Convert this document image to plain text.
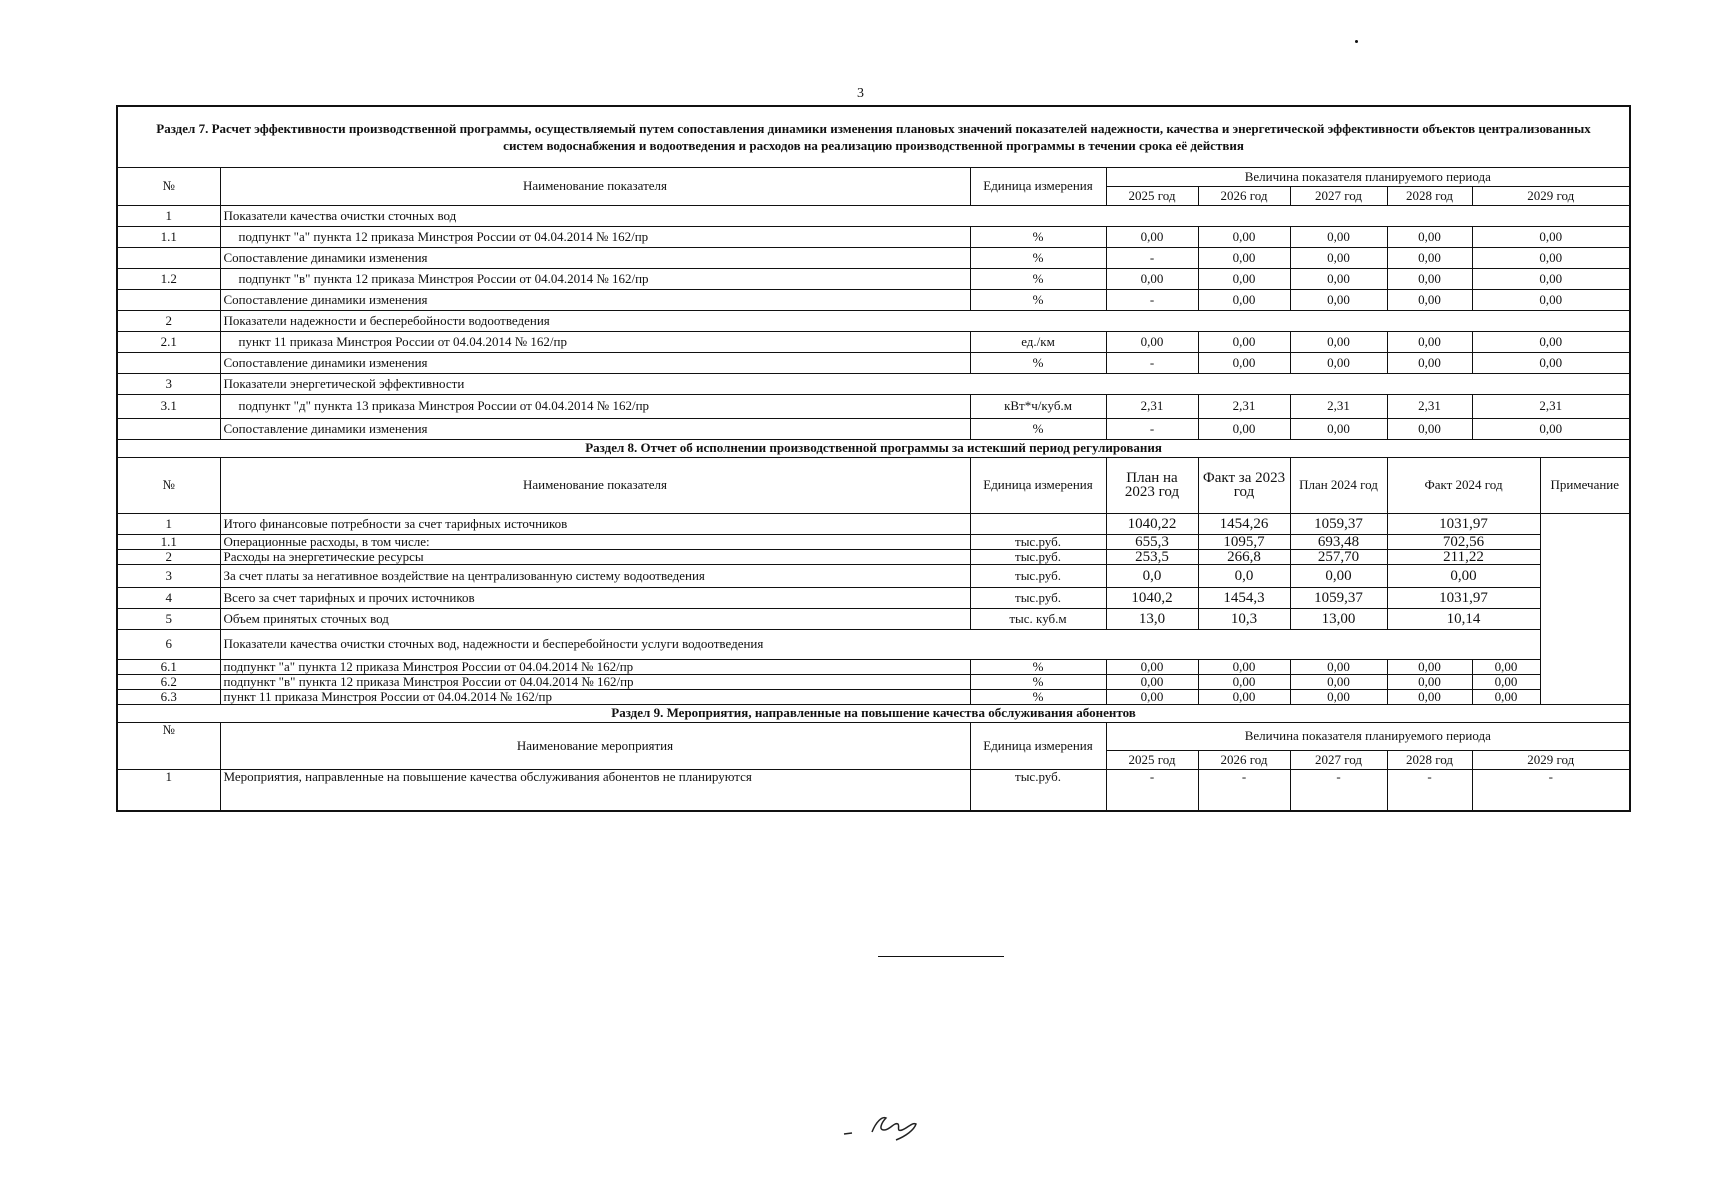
3
Раздел 7. Расчет эффективности производственной программы, осуществляемый путем сопоставления динамики изменения плановых значений показателей надежности, качества и энергетической эффективности объектов централизованных систем водоснабжения и водоотведения и расходов на реализацию производственной программы в течении срока её действия								
№	Наименование показателя	Единица измерения	Величина показателя планируемого периода					
			2025 год	2026 год	2027 год	2028 год	2029 год	
1	Показатели качества очистки сточных вод							
1.1	подпункт "а" пункта 12 приказа Минстроя России от 04.04.2014 № 162/пр	%	0,00	0,00	0,00	0,00	0,00	
	Сопоставление динамики изменения	%	-	0,00	0,00	0,00	0,00	
1.2	подпункт "в" пункта 12 приказа Минстроя России от 04.04.2014 № 162/пр	%	0,00	0,00	0,00	0,00	0,00	
	Сопоставление динамики изменения	%	-	0,00	0,00	0,00	0,00	
2	Показатели надежности и бесперебойности водоотведения							
2.1	пункт 11 приказа Минстроя России от 04.04.2014 № 162/пр	ед./км	0,00	0,00	0,00	0,00	0,00	
	Сопоставление динамики изменения	%	-	0,00	0,00	0,00	0,00	
3	Показатели энергетической эффективности							
3.1	подпункт "д" пункта 13 приказа Минстроя России от 04.04.2014 № 162/пр	кВт*ч/куб.м	2,31	2,31	2,31	2,31	2,31	
	Сопоставление динамики изменения	%	-	0,00	0,00	0,00	0,00	
Раздел 8. Отчет об исполнении производственной программы за истекший период регулирования								
№	Наименование показателя	Единица измерения	План на 2023 год	Факт за 2023 год	План 2024 год	Факт 2024 год		Примечание
1	Итого финансовые потребности за счет тарифных источников		1040,22	1454,26	1059,37	1031,97		
1.1	Операционные расходы, в том числе:	тыс.руб.	655,3	1095,7	693,48	702,56		
2	Расходы на энергетические ресурсы	тыс.руб.	253,5	266,8	257,70	211,22		
3	За счет платы за негативное воздействие на централизованную систему водоотведения	тыс.руб.	0,0	0,0	0,00	0,00		
4	Всего за счет тарифных и прочих источников	тыс.руб.	1040,2	1454,3	1059,37	1031,97		
5	Объем принятых сточных вод	тыс. куб.м	13,0	10,3	13,00	10,14		
6	Показатели качества очистки сточных вод, надежности и бесперебойности услуги водоотведения							
6.1	подпункт "а" пункта 12 приказа Минстроя России от 04.04.2014 № 162/пр	%	0,00	0,00	0,00	0,00	0,00	
6.2	подпункт "в" пункта 12 приказа Минстроя России от 04.04.2014 № 162/пр	%	0,00	0,00	0,00	0,00	0,00	
6.3	пункт 11 приказа Минстроя России от 04.04.2014 № 162/пр	%	0,00	0,00	0,00	0,00	0,00	
Раздел 9. Мероприятия, направленные на повышение качества обслуживания абонентов								
№	Наименование мероприятия	Единица измерения	Величина показателя планируемого периода					
			2025 год	2026 год	2027 год	2028 год	2029 год	
1	Мероприятия, направленные на повышение качества обслуживания абонентов не планируются	тыс.руб.	-	-	-	-	-	
